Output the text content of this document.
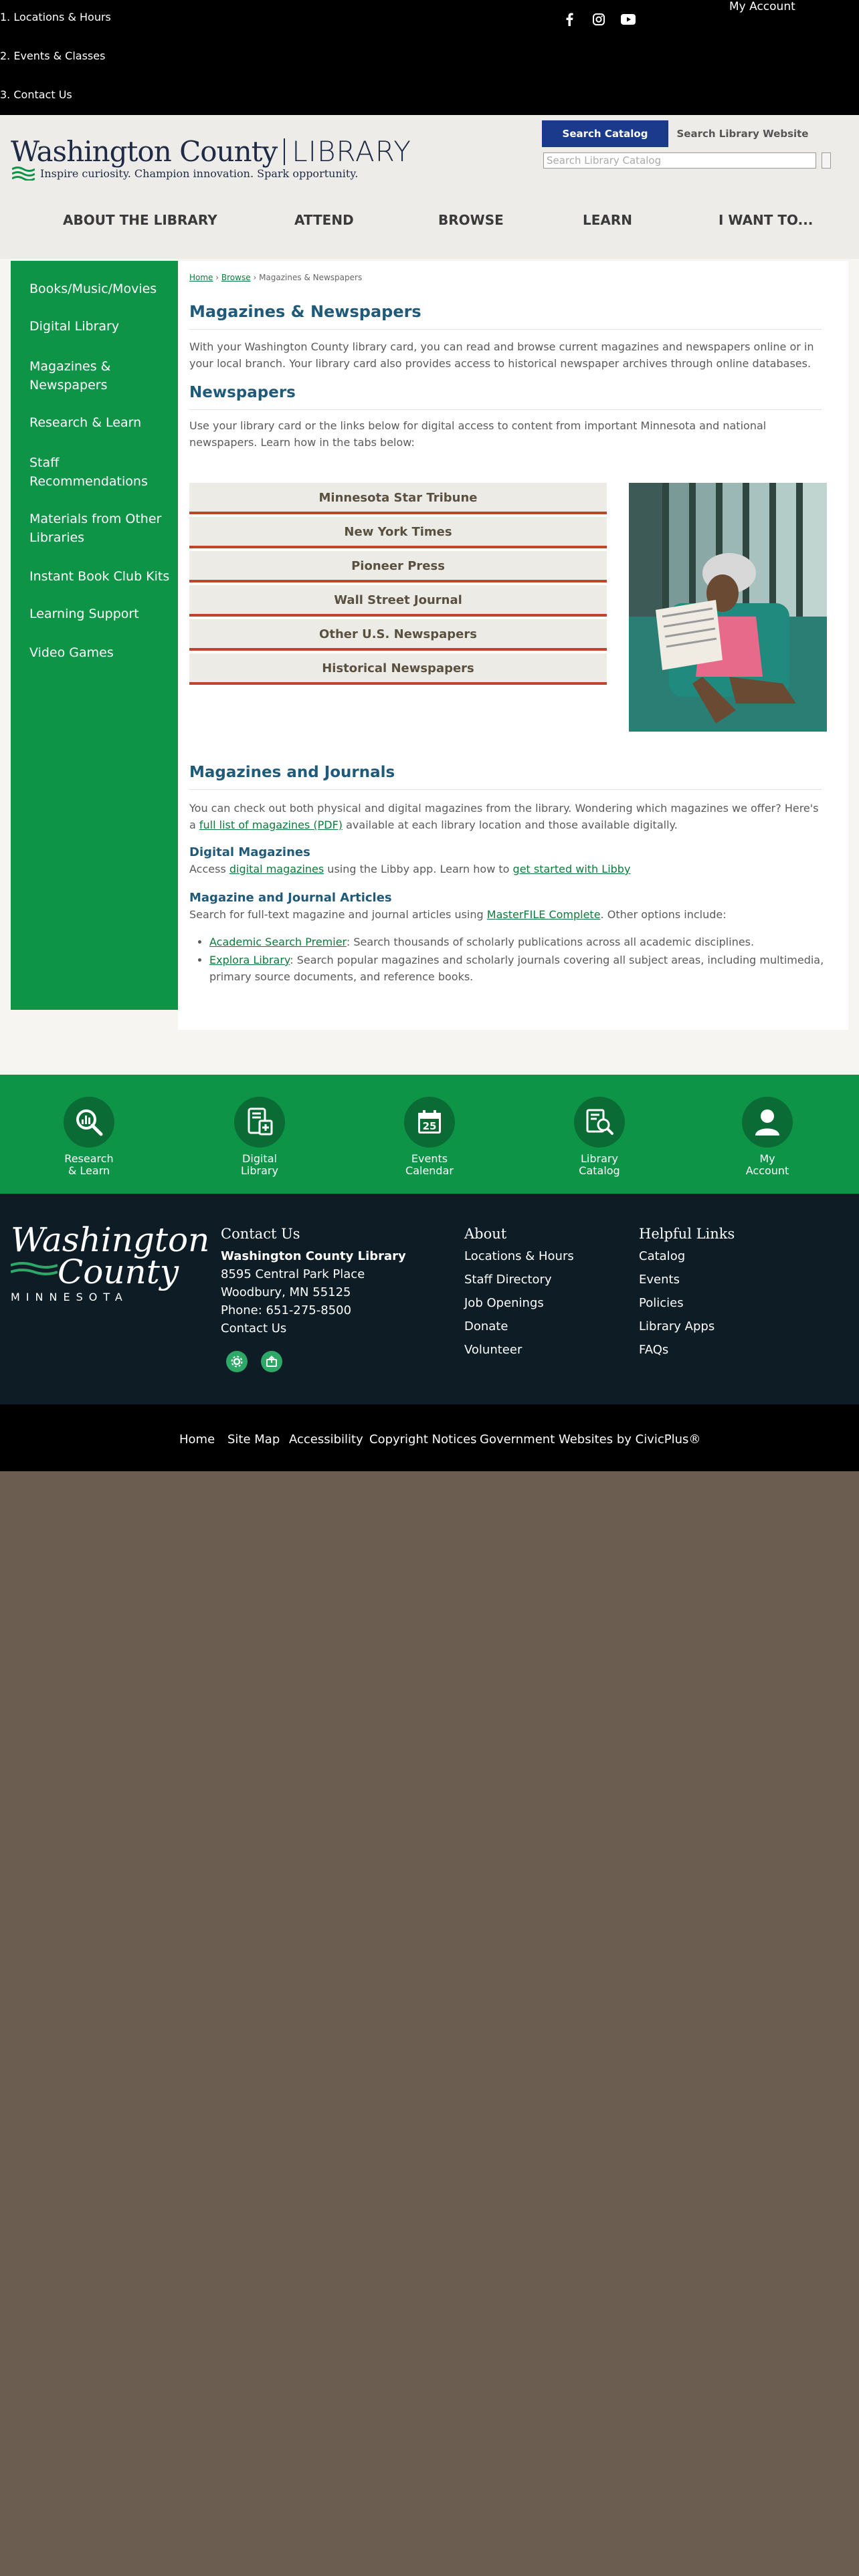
1. Locations & Hours
2. Events & Classes
3. Contact Us
My Account
Washington County LIBRARY
Inspire curiosity. Champion innovation. Spark opportunity.
Search Catalog	Search Library Website
Search Library Catalog
ABOUT THE LIBRARY	ATTEND	BROWSE	LEARN	I WANT TO...
Books/Music/Movies
Digital Library
Magazines & Newspapers
Research & Learn
Staff Recommendations
Materials from Other Libraries
Instant Book Club Kits
Learning Support
Video Games
Home › Browse › Magazines & Newspapers
Magazines & Newspapers
With your Washington County library card, you can read and browse current magazines and newspapers online or in your local branch. Your library card also provides access to historical newspaper archives through online databases.
Newspapers
Use your library card or the links below for digital access to content from important Minnesota and national newspapers. Learn how in the tabs below:
Minnesota Star Tribune
New York Times
Pioneer Press
Wall Street Journal
Other U.S. Newspapers
Historical Newspapers
Magazines and Journals
You can check out both physical and digital magazines from the library. Wondering which magazines we offer? Here's a full list of magazines (PDF) available at each library location and those available digitally.
Digital Magazines
Access digital magazines using the Libby app. Learn how to get started with Libby
Magazine and Journal Articles
Search for full-text magazine and journal articles using MasterFILE Complete. Other options include:
• Academic Search Premier: Search thousands of scholarly publications across all academic disciplines.
• Explora Library: Search popular magazines and scholarly journals covering all subject areas, including multimedia, primary source documents, and reference books.
Research
& Learn
Digital
Library
25
Events
Calendar
Library
Catalog
My
Account
Washington
County
MINNESOTA
Contact Us
Washington County Library
8595 Central Park Place
Woodbury, MN 55125
Phone: 651-275-8500
Contact Us
About
Locations & Hours
Staff Directory
Job Openings
Donate
Volunteer
Helpful Links
Catalog
Events
Policies
Library Apps
FAQs
Home Site Map Accessibility Copyright Notices Government Websites by CivicPlus®
